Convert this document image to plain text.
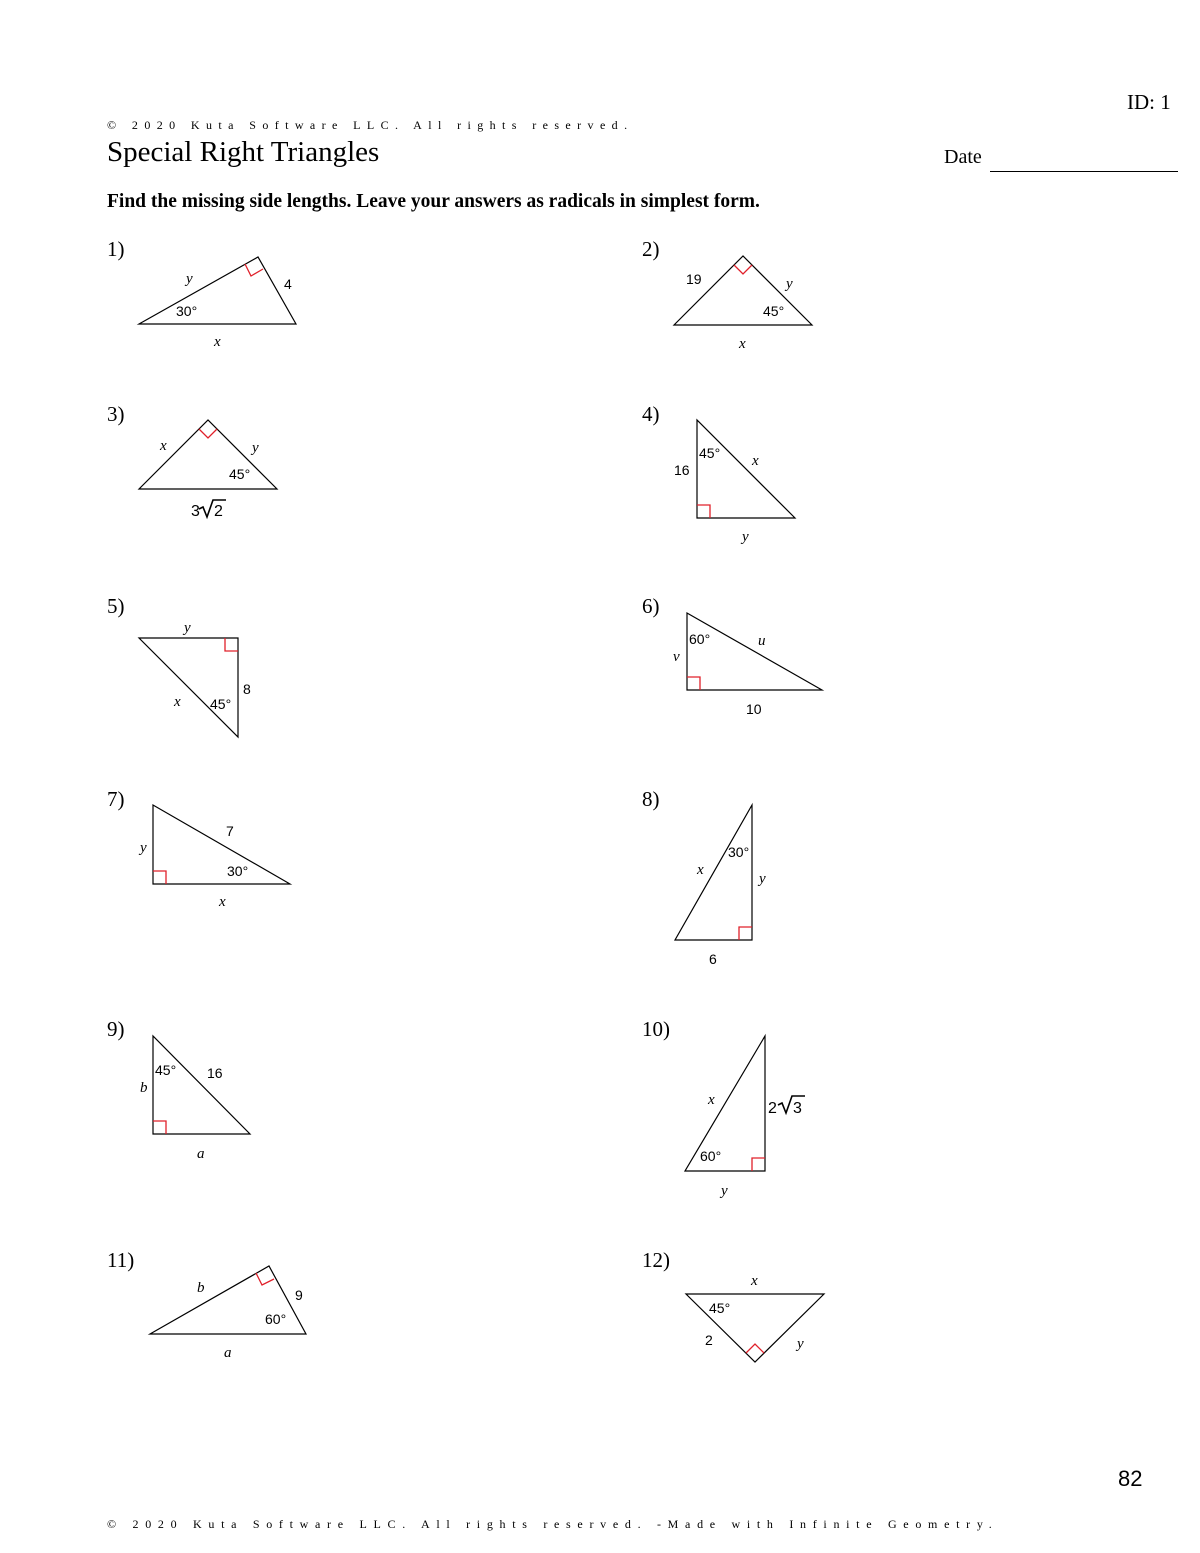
ID: 1
© 2020 Kuta Software LLC. All rights reserved.
Special Right Triangles	Date
Find the missing side lengths. Leave your answers as radicals in simplest form.
1)	2)
3)	4)
5)	6)
7)	8)
9)	10)
11)	12)
y	4
x
30°
19	y
x
45°
x	y
3 2
45°	16
y
x
45°
y
8
x 45°
v
10
u
60°
y
x
7
30°	y
6
x
30°
b
a
16
45°
2 3
y
x
60°
b	9
a
60°
2	y
x
45°
82
© 2020 Kuta Software LLC. All rights reserved. -Made with Infinite Geometry.
